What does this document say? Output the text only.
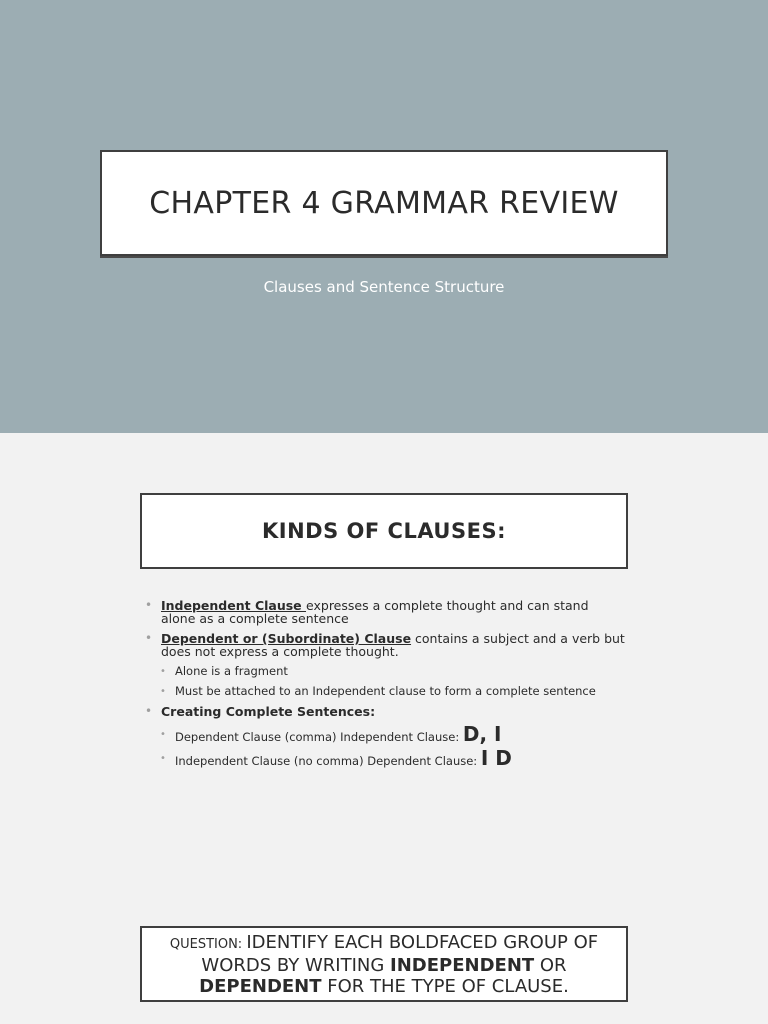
CHAPTER 4 GRAMMAR REVIEW
Clauses and Sentence Structure
KINDS OF CLAUSES:
• Independent Clause expresses a complete thought and can stand alone as a complete sentence
• Dependent or (Subordinate) Clause contains a subject and a verb but does not express a complete thought.
• Alone is a fragment
• Must be attached to an Independent clause to form a complete sentence
• Creating Complete Sentences:
• Dependent Clause (comma) Independent Clause: D, I
• Independent Clause (no comma) Dependent Clause: I D
QUESTION: IDENTIFY EACH BOLDFACED GROUP OF WORDS BY WRITING INDEPENDENT OR DEPENDENT FOR THE TYPE OF CLAUSE.
